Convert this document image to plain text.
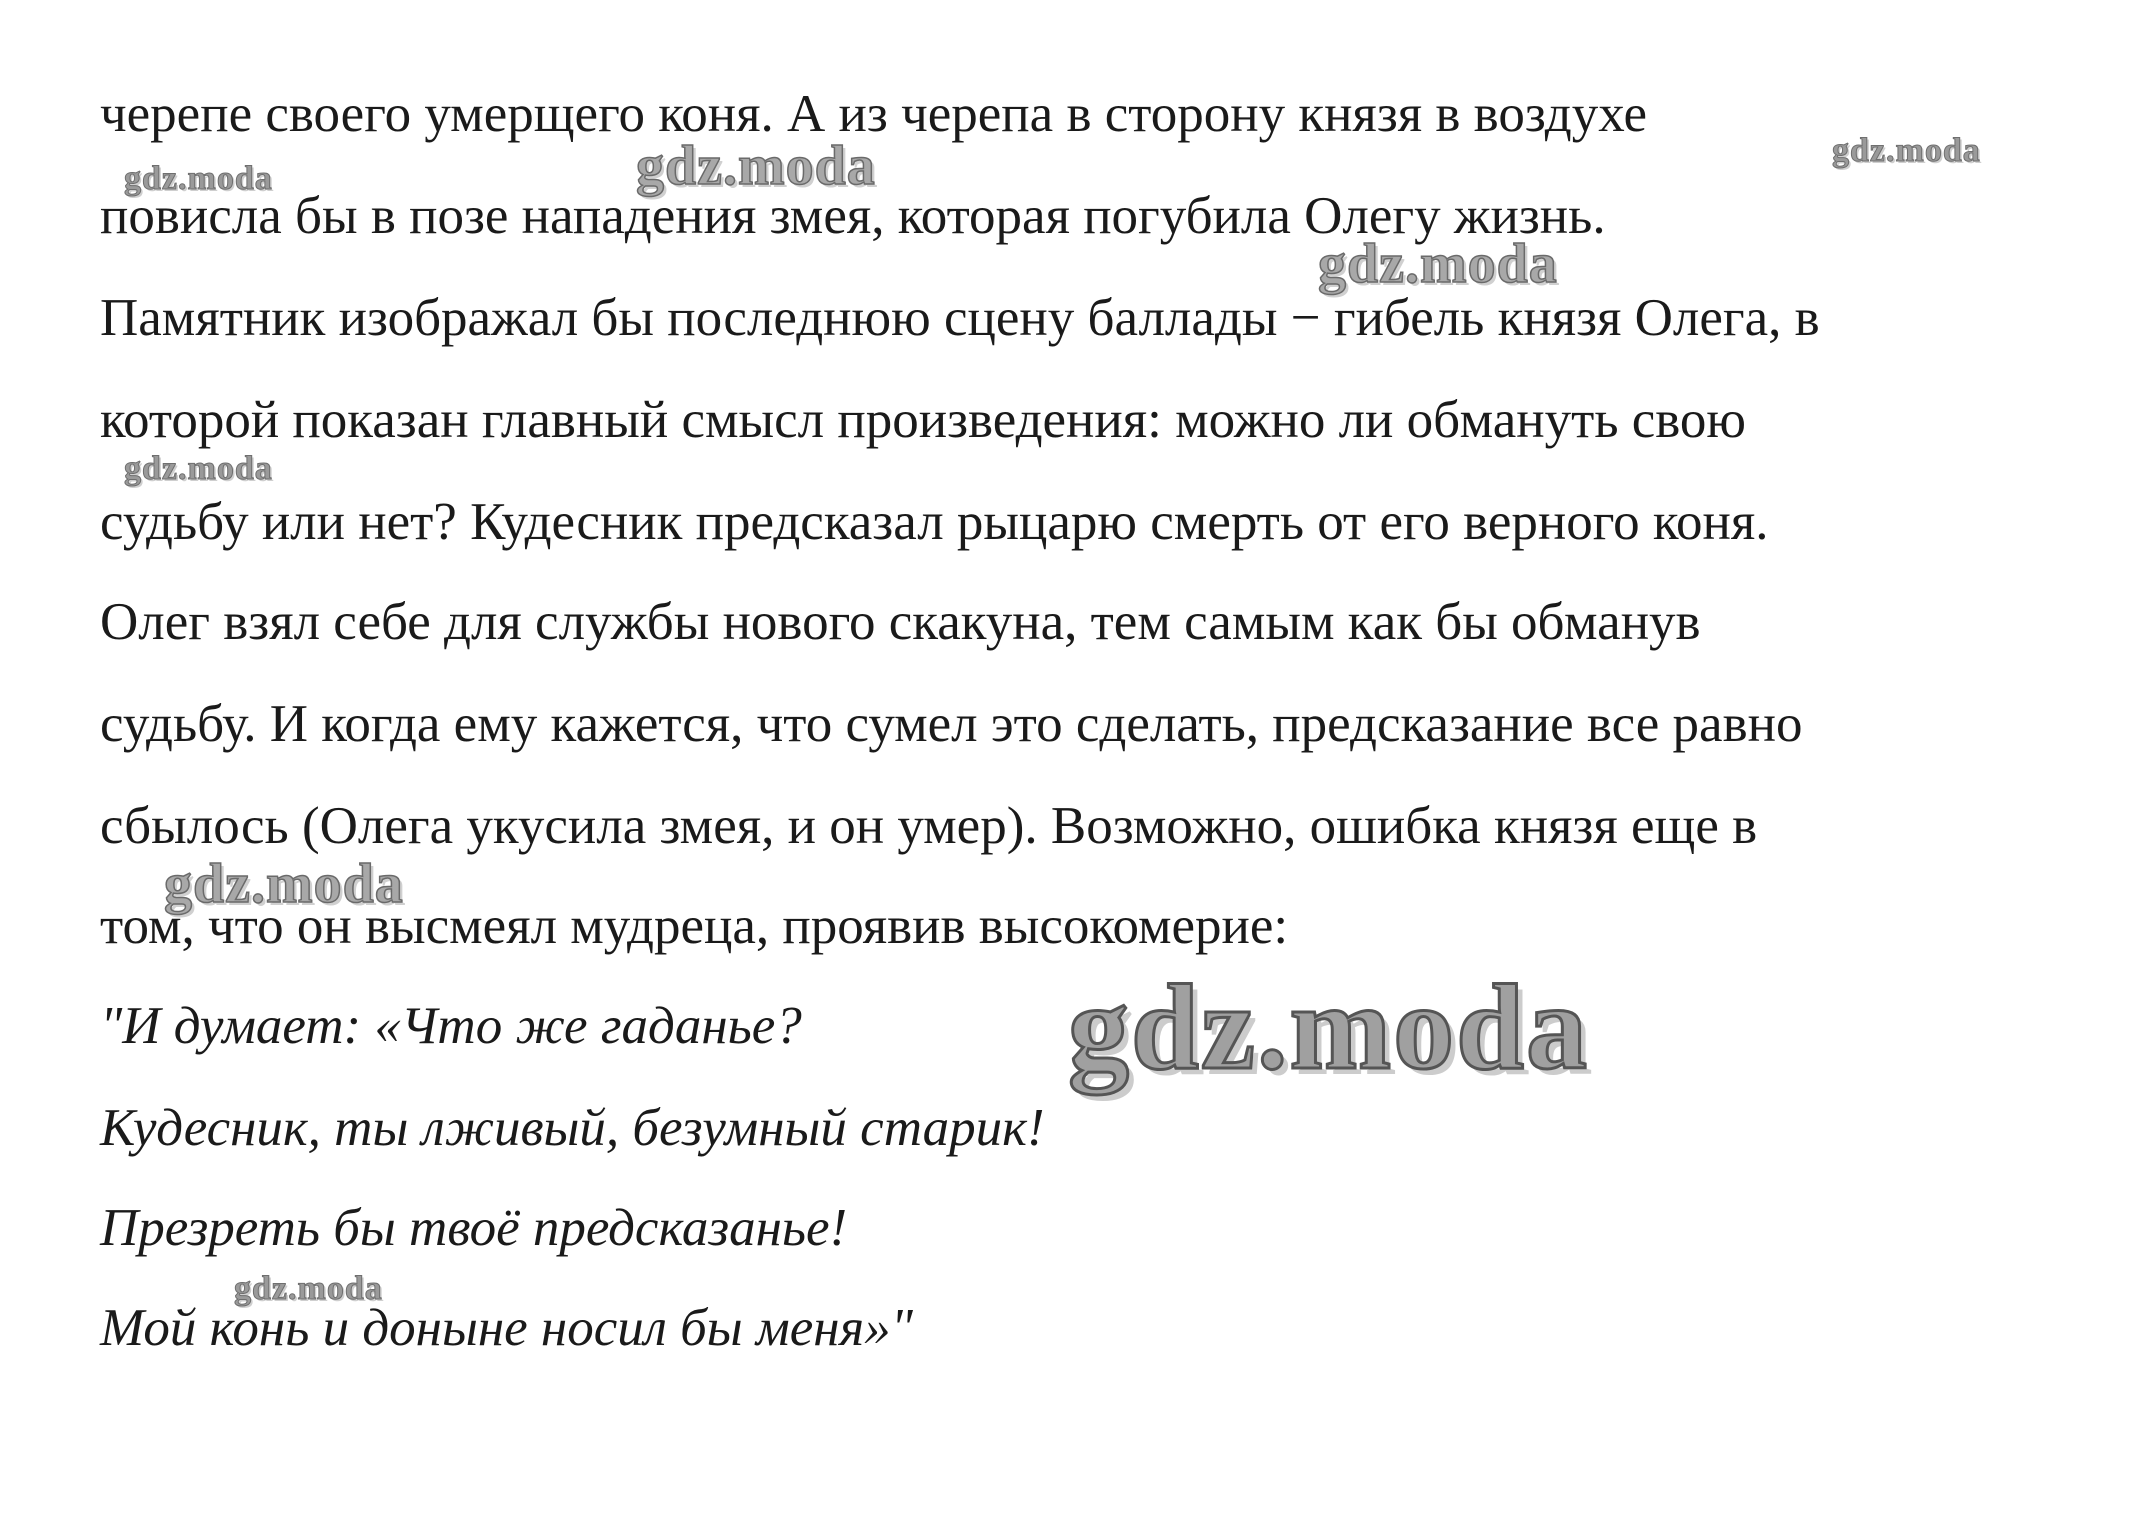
черепе своего умерщего коня. А из черепа в сторону князя в воздухе
повисла бы в позе нападения змея, которая погубила Олегу жизнь.
Памятник изображал бы последнюю сцену баллады − гибель князя Олега, в
которой показан главный смысл произведения: можно ли обмануть свою
судьбу или нет? Кудесник предсказал рыцарю смерть от его верного коня.
Олег взял себе для службы нового скакуна, тем самым как бы обманув
судьбу. И когда ему кажется, что сумел это сделать, предсказание все равно
сбылось (Олега укусила змея, и он умер). Возможно, ошибка князя еще в
том, что он высмеял мудреца, проявив высокомерие:
"И думает: «Что же гаданье?
Кудесник, ты лживый, безумный старик!
Презреть бы твоё предсказанье!
Мой конь и доныне носил бы меня»"
gdz.moda	gdz.moda	gdz.moda
gdz.moda
gdz.moda
gdz.moda
gdz.moda
gdz.moda
